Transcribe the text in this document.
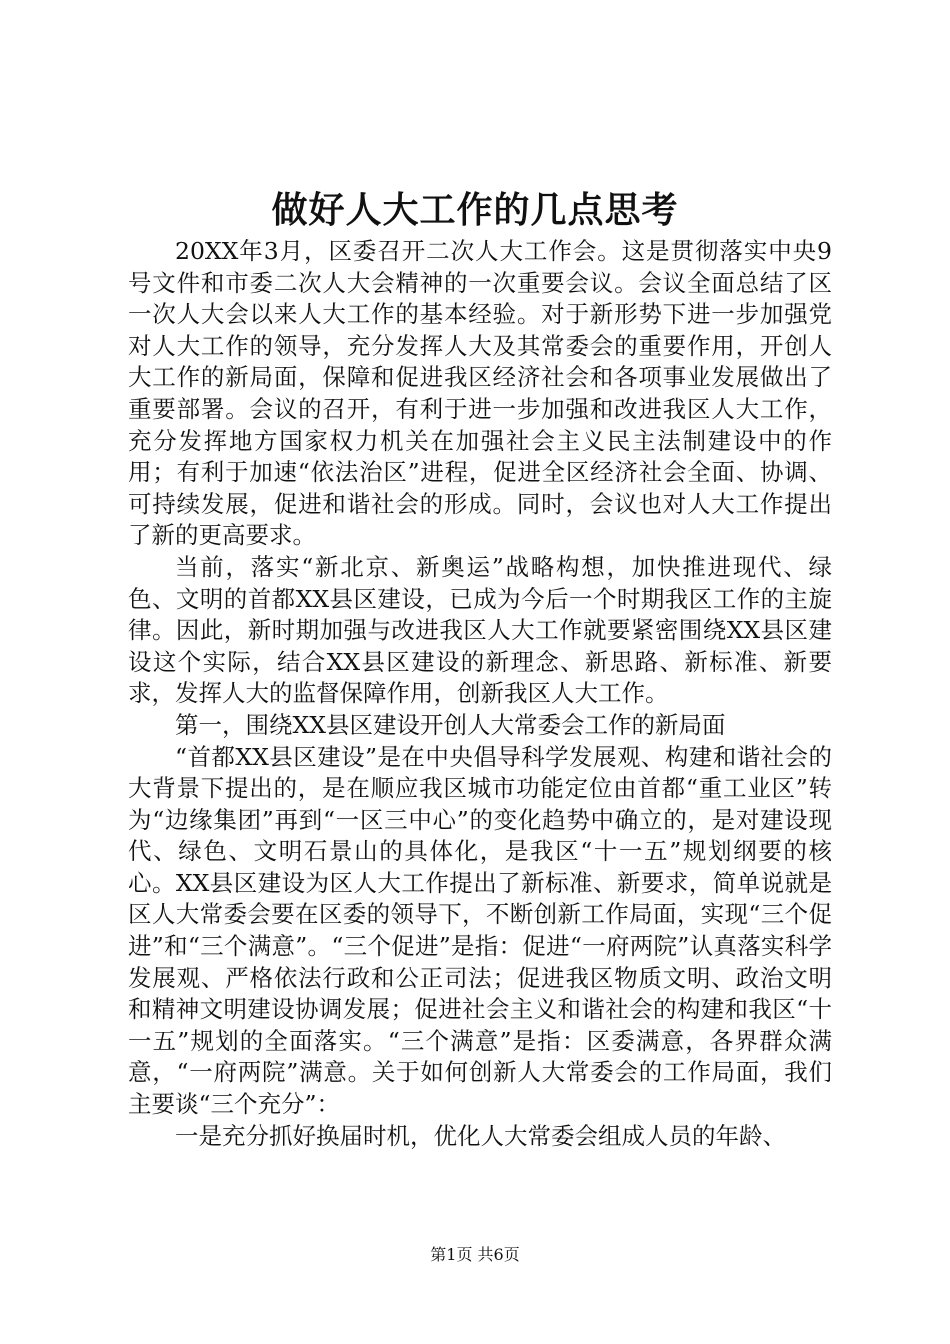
做好人大工作的几点思考

20XX年3月，区委召开二次人大工作会。这是贯彻落实中央9号文件和市委二次人大会精神的一次重要会议。会议全面总结了区一次人大会以来人大工作的基本经验。对于新形势下进一步加强党对人大工作的领导，充分发挥人大及其常委会的重要作用，开创人大工作的新局面，保障和促进我区经济社会和各项事业发展做出了重要部署。会议的召开，有利于进一步加强和改进我区人大工作，充分发挥地方国家权力机关在加强社会主义民主法制建设中的作用；有利于加速“依法治区”进程，促进全区经济社会全面、协调、可持续发展，促进和谐社会的形成。同时，会议也对人大工作提出了新的更高要求。

当前，落实“新北京、新奥运”战略构想，加快推进现代、绿色、文明的首都XX县区建设，已成为今后一个时期我区工作的主旋律。因此，新时期加强与改进我区人大工作就要紧密围绕XX县区建设这个实际，结合XX县区建设的新理念、新思路、新标准、新要求，发挥人大的监督保障作用，创新我区人大工作。

第一，围绕XX县区建设开创人大常委会工作的新局面

“首都XX县区建设”是在中央倡导科学发展观、构建和谐社会的大背景下提出的，是在顺应我区城市功能定位由首都“重工业区”转为“边缘集团”再到“一区三中心”的变化趋势中确立的，是对建设现代、绿色、文明石景山的具体化，是我区“十一五”规划纲要的核心。XX县区建设为区人大工作提出了新标准、新要求，简单说就是区人大常委会要在区委的领导下，不断创新工作局面，实现“三个促进”和“三个满意”。“三个促进”是指：促进“一府两院”认真落实科学发展观、严格依法行政和公正司法；促进我区物质文明、政治文明和精神文明建设协调发展；促进社会主义和谐社会的构建和我区“十一五”规划的全面落实。“三个满意”是指：区委满意，各界群众满意，“一府两院”满意。关于如何创新人大常委会的工作局面，我们主要谈“三个充分”：

一是充分抓好换届时机，优化人大常委会组成人员的年龄、

第1页 共6页
